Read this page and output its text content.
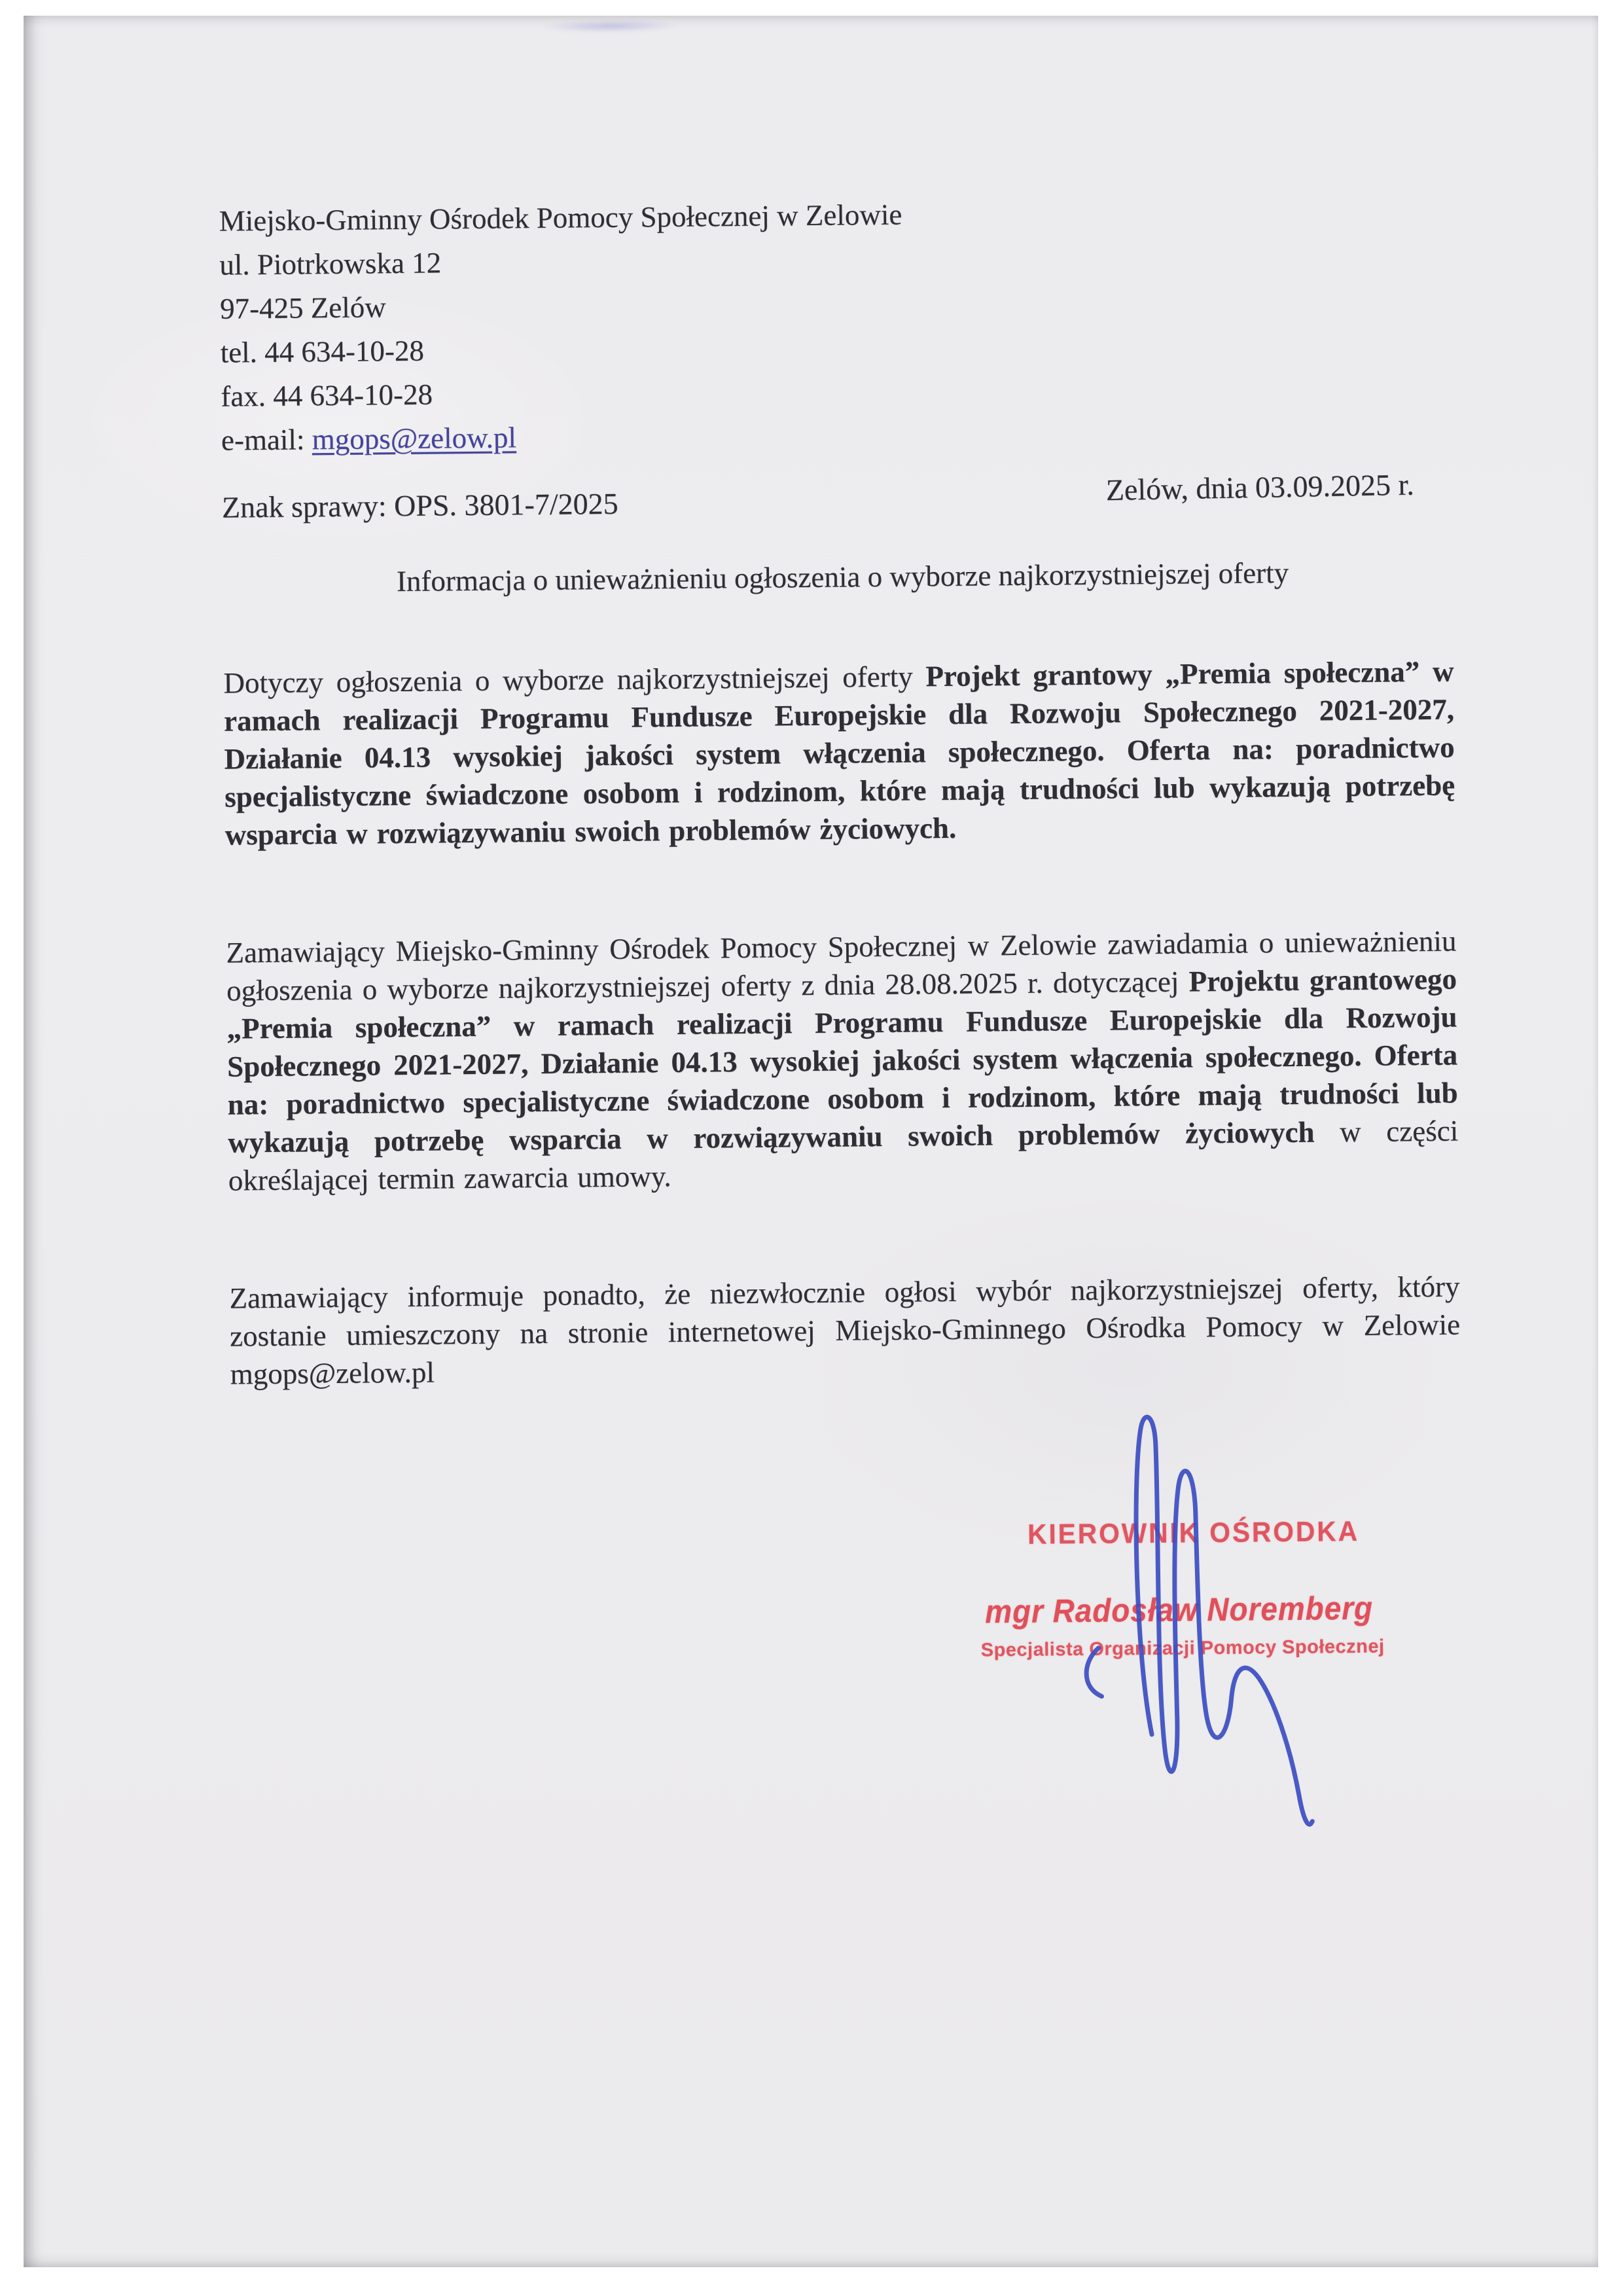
Miejsko-Gminny Ośrodek Pomocy Społecznej w Zelowie
ul. Piotrkowska 12
97-425 Zelów
tel. 44 634-10-28
fax. 44 634-10-28
e-mail: mgops@zelow.pl
Znak sprawy: OPS. 3801-7/2025	Zelów, dnia 03.09.2025 r.
Informacja o unieważnieniu ogłoszenia o wyborze najkorzystniejszej oferty

Dotyczy ogłoszenia o wyborze najkorzystniejszej oferty Projekt grantowy „Premia społeczna” w ramach realizacji Programu Fundusze Europejskie dla Rozwoju Społecznego 2021-2027, Działanie 04.13 wysokiej jakości system włączenia społecznego. Oferta na: poradnictwo specjalistyczne świadczone osobom i rodzinom, które mają trudności lub wykazują potrzebę wsparcia w rozwiązywaniu swoich problemów życiowych.

Zamawiający Miejsko-Gminny Ośrodek Pomocy Społecznej w Zelowie zawiadamia o unieważnieniu ogłoszenia o wyborze najkorzystniejszej oferty z dnia 28.08.2025 r. dotyczącej Projektu grantowego „Premia społeczna” w ramach realizacji Programu Fundusze Europejskie dla Rozwoju Społecznego 2021-2027, Działanie 04.13 wysokiej jakości system włączenia społecznego. Oferta na: poradnictwo specjalistyczne świadczone osobom i rodzinom, które mają trudności lub wykazują potrzebę wsparcia w rozwiązywaniu swoich problemów życiowych w części określającej termin zawarcia umowy.

Zamawiający informuje ponadto, że niezwłocznie ogłosi wybór najkorzystniejszej oferty, który zostanie umieszczony na stronie internetowej Miejsko-Gminnego Ośrodka Pomocy w Zelowie mgops@zelow.pl

KIEROWNIK OŚRODKA
mgr Radosław Noremberg
Specjalista Organizacji Pomocy Społecznej
